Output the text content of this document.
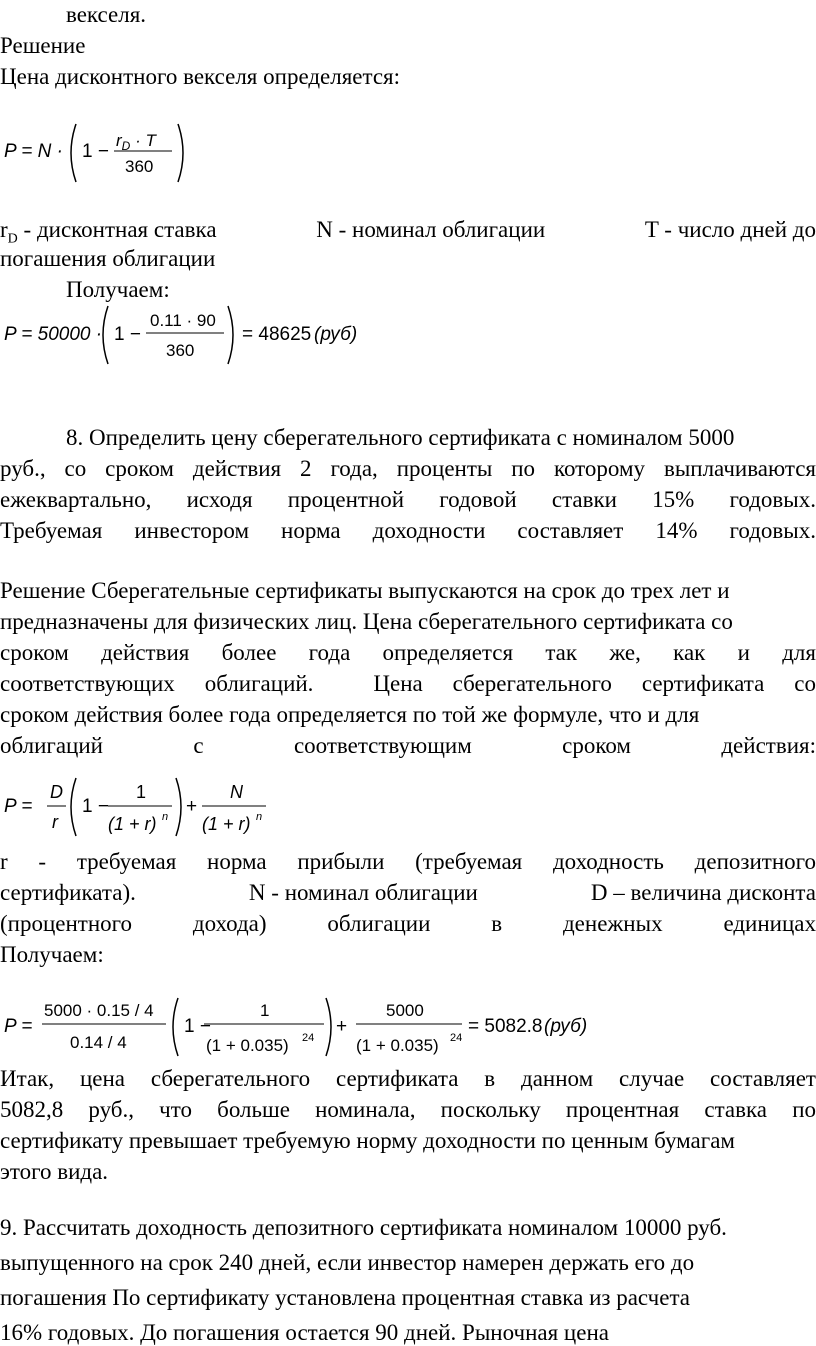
векселя.
Решение
Цена дисконтного векселя определяется:
P = N · 1 −
$r_D \cdot T$
360
$r_D$ - дисконтная ставка	N - номинал облигации	T - число дней до
погашения облигации
Получаем:
P = 50000 · 1 −
0.11 · 90
360
= 48625 (руб)
8. Определить цену сберегательного сертификата с номиналом 5000
руб., со сроком действия 2 года, проценты по которому выплачиваются
ежеквартально, исходя процентной годовой ставки 15% годовых.
Требуемая инвестором норма доходности составляет 14% годовых.
Решение Сберегательные сертификаты выпускаются на срок до трех лет и
предназначены для физических лиц. Цена сберегательного сертификата со
сроком действия более года определяется так же, как и для
соответствующих облигаций.	Цена сберегательного сертификата со
сроком действия более года определяется по той же формуле, что и для
облигаций	с	соответствующим	сроком	действия:
P =
D
r
1 −
1
(1 + r) n +
N
(1 + r) n
r - требуемая норма прибыли (требуемая доходность депозитного
сертификата).	N - номинал облигации	D – величина дисконта
(процентного	дохода)	облигации	в	денежных	единицах
Получаем:
P =
5000 · 0.15 / 4
0.14 / 4
1 −
1
(1 + 0.035) 24
+
5000
(1 + 0.035) 24
= 5082.8 (руб)
Итак, цена сберегательного сертификата в данном случае составляет
5082,8 руб., что больше номинала, поскольку процентная ставка по
сертификату превышает требуемую норму доходности по ценным бумагам
этого вида.
9. Рассчитать доходность депозитного сертификата номиналом 10000 руб.
выпущенного на срок 240 дней, если инвестор намерен держать его до
погашения По сертификату установлена процентная ставка из расчета
16% годовых. До погашения остается 90 дней. Рыночная цена
